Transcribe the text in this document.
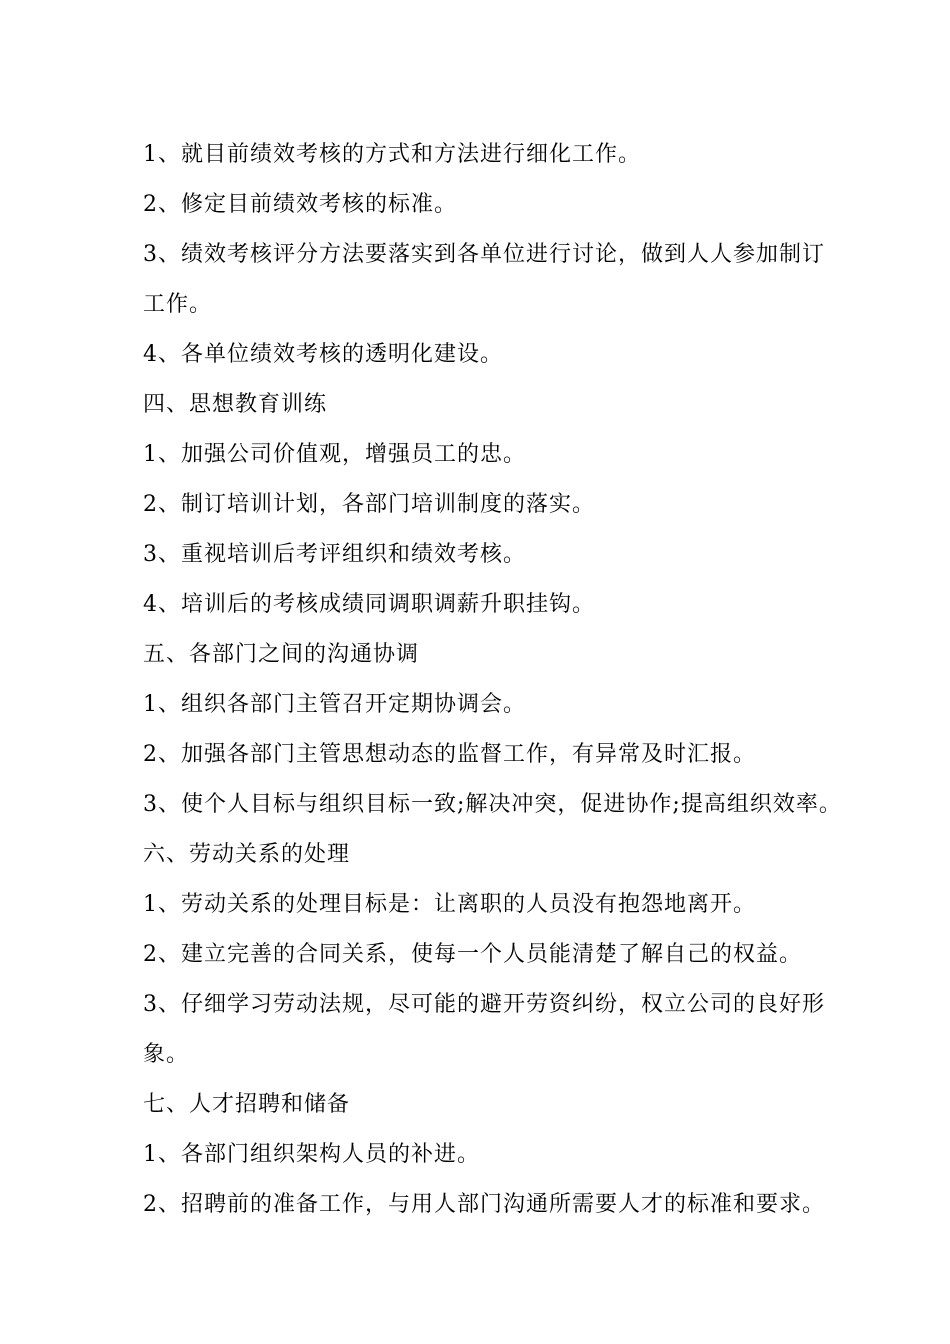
1、就目前绩效考核的方式和方法进行细化工作。
2、修定目前绩效考核的标准。
3、绩效考核评分方法要落实到各单位进行讨论，做到人人参加制订
工作。
4、各单位绩效考核的透明化建设。
四、思想教育训练
1、加强公司价值观，增强员工的忠。
2、制订培训计划，各部门培训制度的落实。
3、重视培训后考评组织和绩效考核。
4、培训后的考核成绩同调职调薪升职挂钩。
五、各部门之间的沟通协调
1、组织各部门主管召开定期协调会。
2、加强各部门主管思想动态的监督工作，有异常及时汇报。
3、使个人目标与组织目标一致;解决冲突，促进协作;提高组织效率。
六、劳动关系的处理
1、劳动关系的处理目标是：让离职的人员没有抱怨地离开。
2、建立完善的合同关系，使每一个人员能清楚了解自己的权益。
3、仔细学习劳动法规，尽可能的避开劳资纠纷，权立公司的良好形
象。
七、人才招聘和储备
1、各部门组织架构人员的补进。
2、招聘前的准备工作，与用人部门沟通所需要人才的标准和要求。
